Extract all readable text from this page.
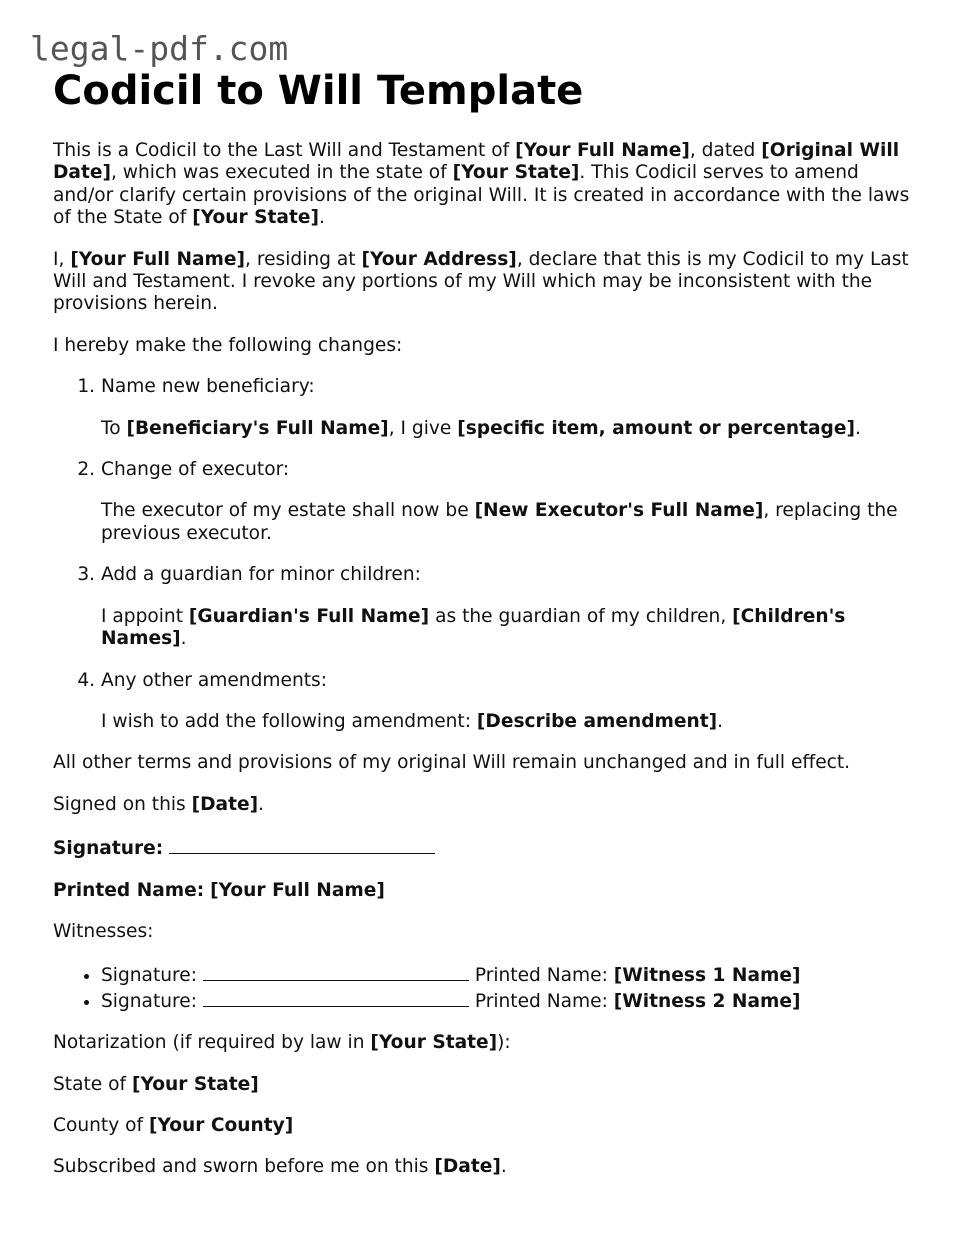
legal-pdf.com
Codicil to Will Template

This is a Codicil to the Last Will and Testament of [Your Full Name], dated [Original Will Date], which was executed in the state of [Your State]. This Codicil serves to amend and/or clarify certain provisions of the original Will. It is created in accordance with the laws of the State of [Your State].

I, [Your Full Name], residing at [Your Address], declare that this is my Codicil to my Last Will and Testament. I revoke any portions of my Will which may be inconsistent with the provisions herein.

I hereby make the following changes:

1. Name new beneficiary:
To [Beneficiary's Full Name], I give [specific item, amount or percentage].
2. Change of executor:
The executor of my estate shall now be [New Executor's Full Name], replacing the previous executor.
3. Add a guardian for minor children:
I appoint [Guardian's Full Name] as the guardian of my children, [Children's Names].
4. Any other amendments:
I wish to add the following amendment: [Describe amendment].

All other terms and provisions of my original Will remain unchanged and in full effect.

Signed on this [Date].

Signature:

Printed Name: [Your Full Name]

Witnesses:

• Signature:	Printed Name: [Witness 1 Name]
• Signature:	Printed Name: [Witness 2 Name]

Notarization (if required by law in [Your State]):

State of [Your State]

County of [Your County]

Subscribed and sworn before me on this [Date].
